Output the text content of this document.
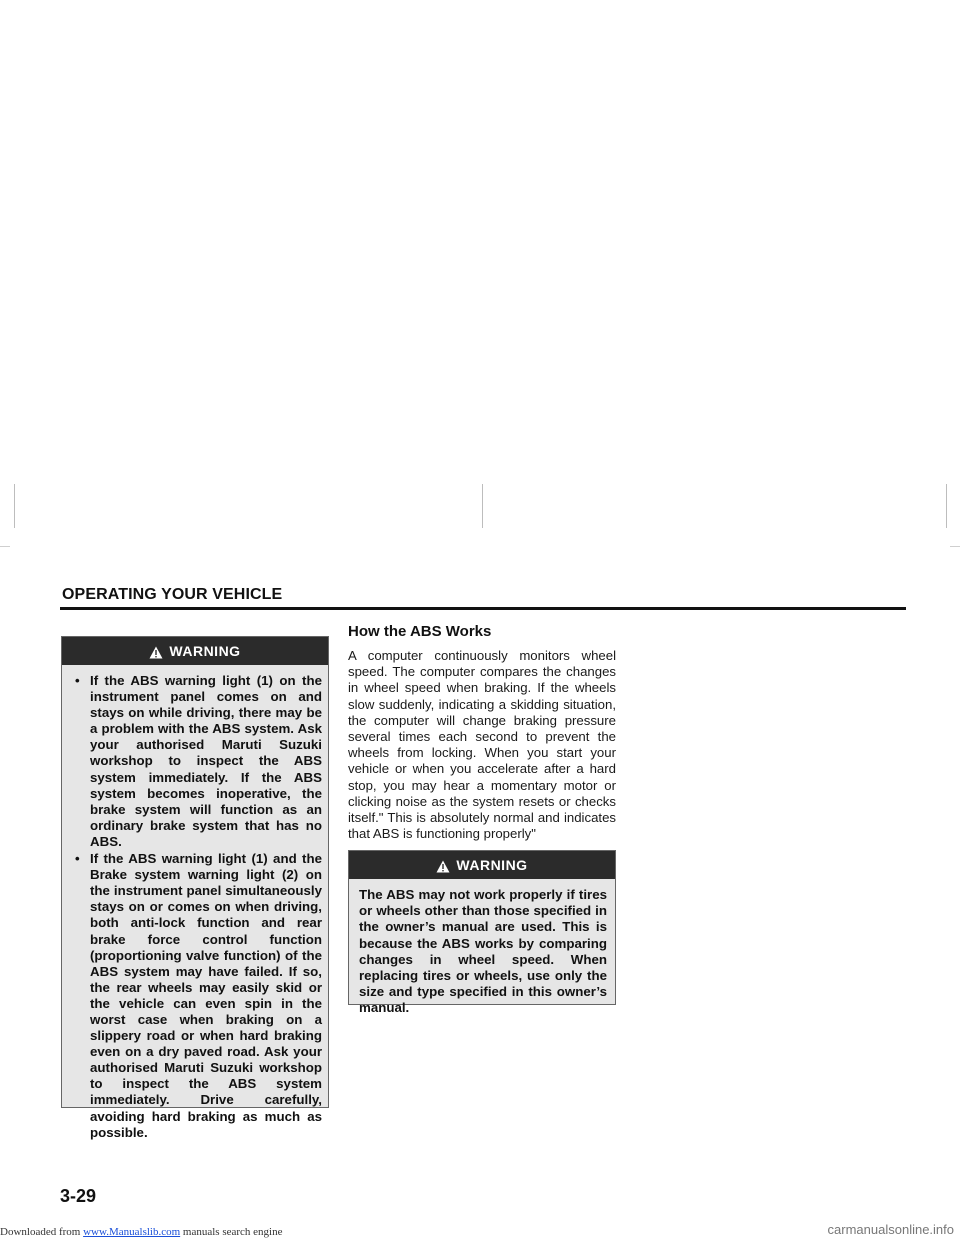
OPERATING YOUR VEHICLE
WARNING
• If the ABS warning light (1) on the instrument panel comes on and stays on while driving, there may be a problem with the ABS system. Ask your authorised Maruti Suzuki workshop to inspect the ABS system immediately. If the ABS system becomes inoperative, the brake system will function as an ordinary brake system that has no ABS.
• If the ABS warning light (1) and the Brake system warning light (2) on the instrument panel simultaneously stays on or comes on when driving, both anti-lock function and rear brake force control function (proportioning valve function) of the ABS system may have failed. If so, the rear wheels may easily skid or the vehicle can even spin in the worst case when braking on a slippery road or when hard braking even on a dry paved road. Ask your authorised Maruti Suzuki workshop to inspect the ABS system immediately. Drive carefully, avoiding hard braking as much as possible.
How the ABS Works
A computer continuously monitors wheel speed. The computer compares the changes in wheel speed when braking. If the wheels slow suddenly, indicating a skidding situation, the computer will change braking pressure several times each second to prevent the wheels from locking. When you start your vehicle or when you accelerate after a hard stop, you may hear a momentary motor or clicking noise as the system resets or checks itself." This is absolutely normal and indicates that ABS is functioning properly"
WARNING
The ABS may not work properly if tires or wheels other than those specified in the owner’s manual are used. This is because the ABS works by comparing changes in wheel speed. When replacing tires or wheels, use only the size and type specified in this owner’s manual.
3-29
Downloaded from www.Manualslib.com manuals search engine	carmanualsonline.info
